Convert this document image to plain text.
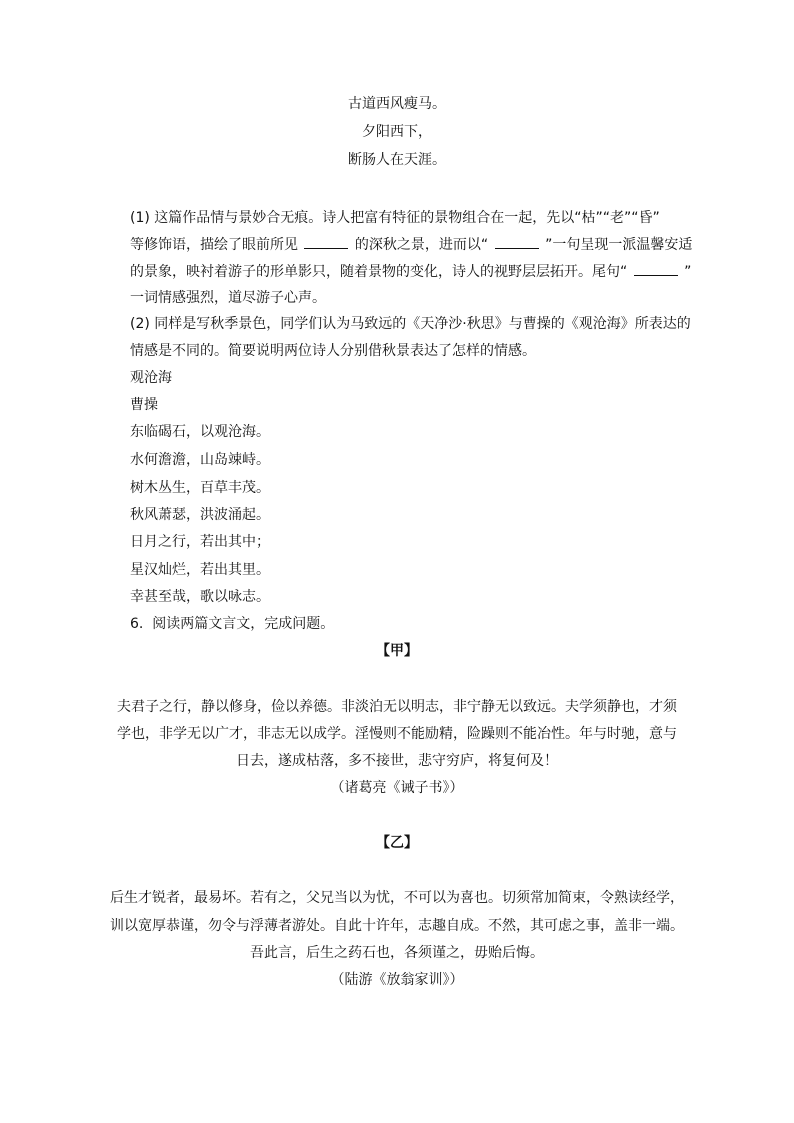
古道西风瘦马。
夕阳西下，
断肠人在天涯。
(1) 这篇作品情与景妙合无痕。诗人把富有特征的景物组合在一起，先以“枯”“老”“昏”
等修饰语，描绘了眼前所见	的深秋之景，进而以“	”一句呈现一派温馨安适
的景象，映衬着游子的形单影只，随着景物的变化，诗人的视野层层拓开。尾句“	”
一词情感强烈，道尽游子心声。
(2) 同样是写秋季景色，同学们认为马致远的《天净沙·秋思》与曹操的《观沧海》所表达的
情感是不同的。简要说明两位诗人分别借秋景表达了怎样的情感。
观沧海
曹操
东临碣石，以观沧海。
水何澹澹，山岛竦峙。
树木丛生，百草丰茂。
秋风萧瑟，洪波涌起。
日月之行，若出其中；
星汉灿烂，若出其里。
幸甚至哉，歌以咏志。
6. 阅读两篇文言文，完成问题。
【甲】
夫君子之行，静以修身，俭以养德。非淡泊无以明志，非宁静无以致远。夫学须静也，才须
学也，非学无以广才，非志无以成学。淫慢则不能励精，险躁则不能冶性。年与时驰，意与
日去，遂成枯落，多不接世，悲守穷庐，将复何及！
（诸葛亮《诫子书》）
【乙】
后生才锐者，最易坏。若有之，父兄当以为忧，不可以为喜也。切须常加简束，令熟读经学，
训以宽厚恭谨，勿令与浮薄者游处。自此十许年，志趣自成。不然，其可虑之事，盖非一端。
吾此言，后生之药石也，各须谨之，毋贻后悔。
（陆游《放翁家训》）
